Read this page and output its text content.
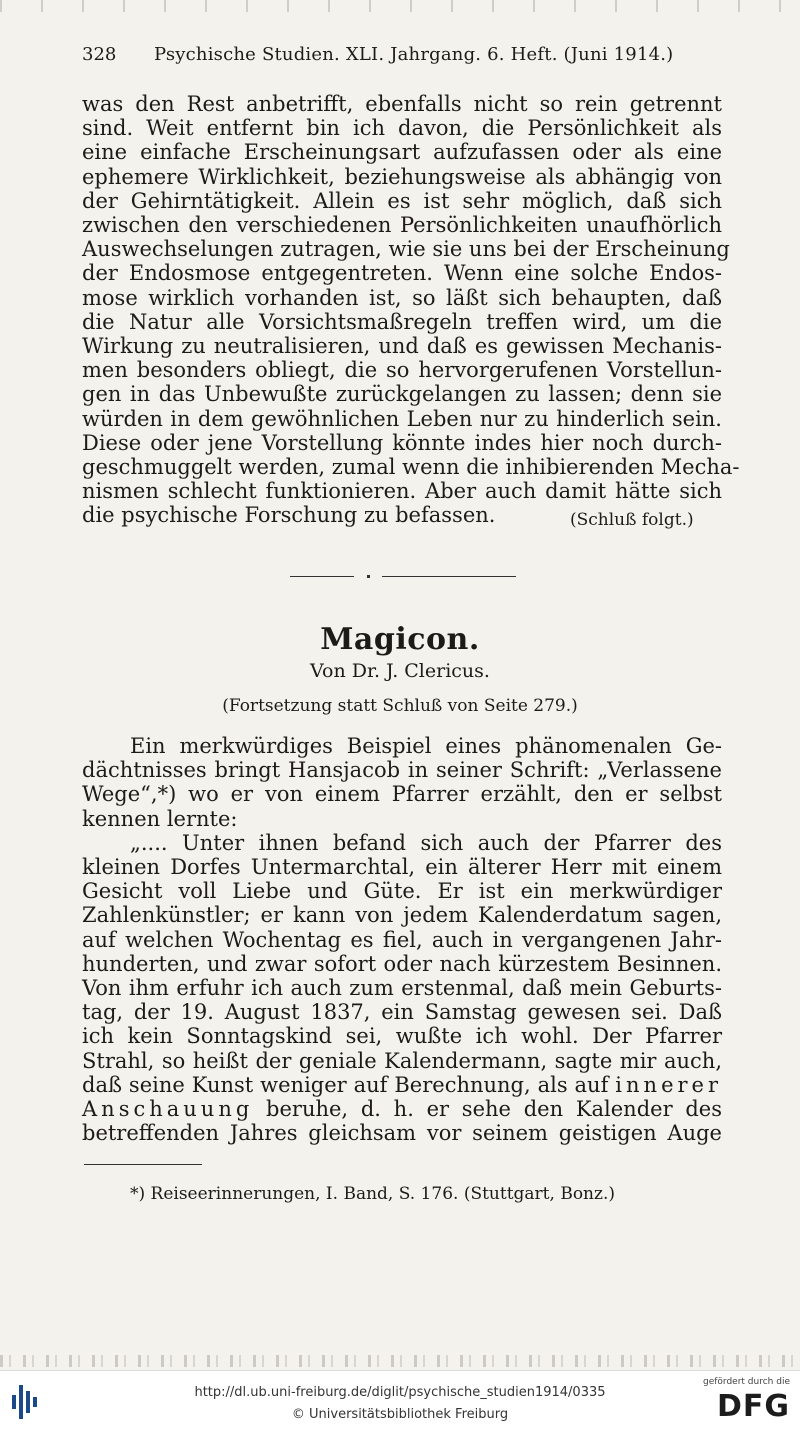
328 Psychische Studien. XLI. Jahrgang. 6. Heft. (Juni 1914.)
was den Rest anbetrifft, ebenfalls nicht so rein getrennt
sind. Weit entfernt bin ich davon, die Persönlichkeit als
eine einfache Erscheinungsart aufzufassen oder als eine
ephemere Wirklichkeit, beziehungsweise als abhängig von
der Gehirntätigkeit. Allein es ist sehr möglich, daß sich
zwischen den verschiedenen Persönlichkeiten unaufhörlich
Auswechselungen zutragen, wie sie uns bei der Erscheinung
der Endosmose entgegentreten. Wenn eine solche Endos-
mose wirklich vorhanden ist, so läßt sich behaupten, daß
die Natur alle Vorsichtsmaßregeln treffen wird, um die
Wirkung zu neutralisieren, und daß es gewissen Mechanis-
men besonders obliegt, die so hervorgerufenen Vorstellun-
gen in das Unbewußte zurückgelangen zu lassen; denn sie
würden in dem gewöhnlichen Leben nur zu hinderlich sein.
Diese oder jene Vorstellung könnte indes hier noch durch-
geschmuggelt werden, zumal wenn die inhibierenden Mecha-
nismen schlecht funktionieren. Aber auch damit hätte sich
die psychische Forschung zu befassen.	(Schluß folgt.)
Magicon.
Von Dr. J. Clericus.
(Fortsetzung statt Schluß von Seite 279.)
Ein merkwürdiges Beispiel eines phänomenalen Ge-
dächtnisses bringt Hansjacob in seiner Schrift: „Verlassene
Wege“,*) wo er von einem Pfarrer erzählt, den er selbst
kennen lernte:
„.... Unter ihnen befand sich auch der Pfarrer des
kleinen Dorfes Untermarchtal, ein älterer Herr mit einem
Gesicht voll Liebe und Güte. Er ist ein merkwürdiger
Zahlenkünstler; er kann von jedem Kalenderdatum sagen,
auf welchen Wochentag es fiel, auch in vergangenen Jahr-
hunderten, und zwar sofort oder nach kürzestem Besinnen.
Von ihm erfuhr ich auch zum erstenmal, daß mein Geburts-
tag, der 19. August 1837, ein Samstag gewesen sei. Daß
ich kein Sonntagskind sei, wußte ich wohl. Der Pfarrer
Strahl, so heißt der geniale Kalendermann, sagte mir auch,
daß seine Kunst weniger auf Berechnung, als auf innerer
Anschauung beruhe, d. h. er sehe den Kalender des
betreffenden Jahres gleichsam vor seinem geistigen Auge
*) Reiseerinnerungen, I. Band, S. 176. (Stuttgart, Bonz.)
http://dl.ub.uni-freiburg.de/diglit/psychische_studien1914/0335
© Universitätsbibliothek Freiburg
gefördert durch die
DFG
